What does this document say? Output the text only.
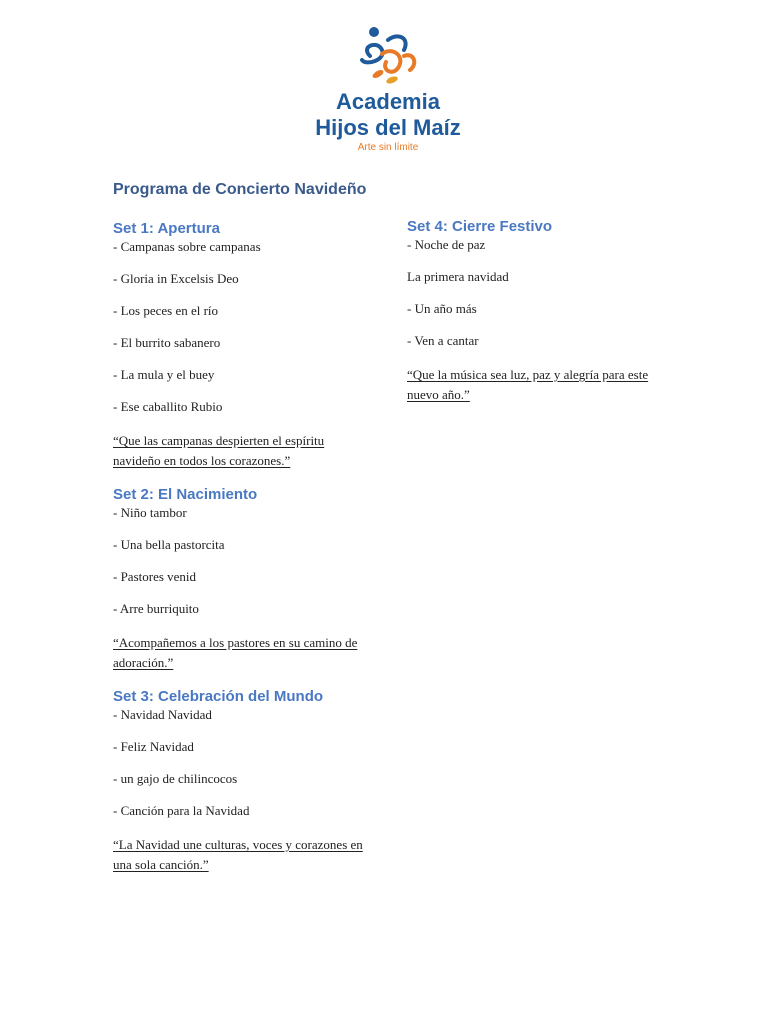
Academia
Hijos del Maíz
Arte sin límite
Programa de Concierto Navideño
Set 1: Apertura

- Campanas sobre campanas

- Gloria in Excelsis Deo

- Los peces en el río

- El burrito sabanero

- La mula y el buey

- Ese caballito Rubio

“Que las campanas despierten el espíritu navideño en todos los corazones.”

Set 2: El Nacimiento

- Niño tambor

- Una bella pastorcita

- Pastores venid

- Arre burriquito

“Acompañemos a los pastores en su camino de adoración.”

Set 3: Celebración del Mundo

- Navidad Navidad

- Feliz Navidad

- un gajo de chilincocos

- Canción para la Navidad

“La Navidad une culturas, voces y corazones en una sola canción.”

Set 4: Cierre Festivo

- Noche de paz

La primera navidad

- Un año más

- Ven a cantar

“Que la música sea luz, paz y alegría para este nuevo año.”
